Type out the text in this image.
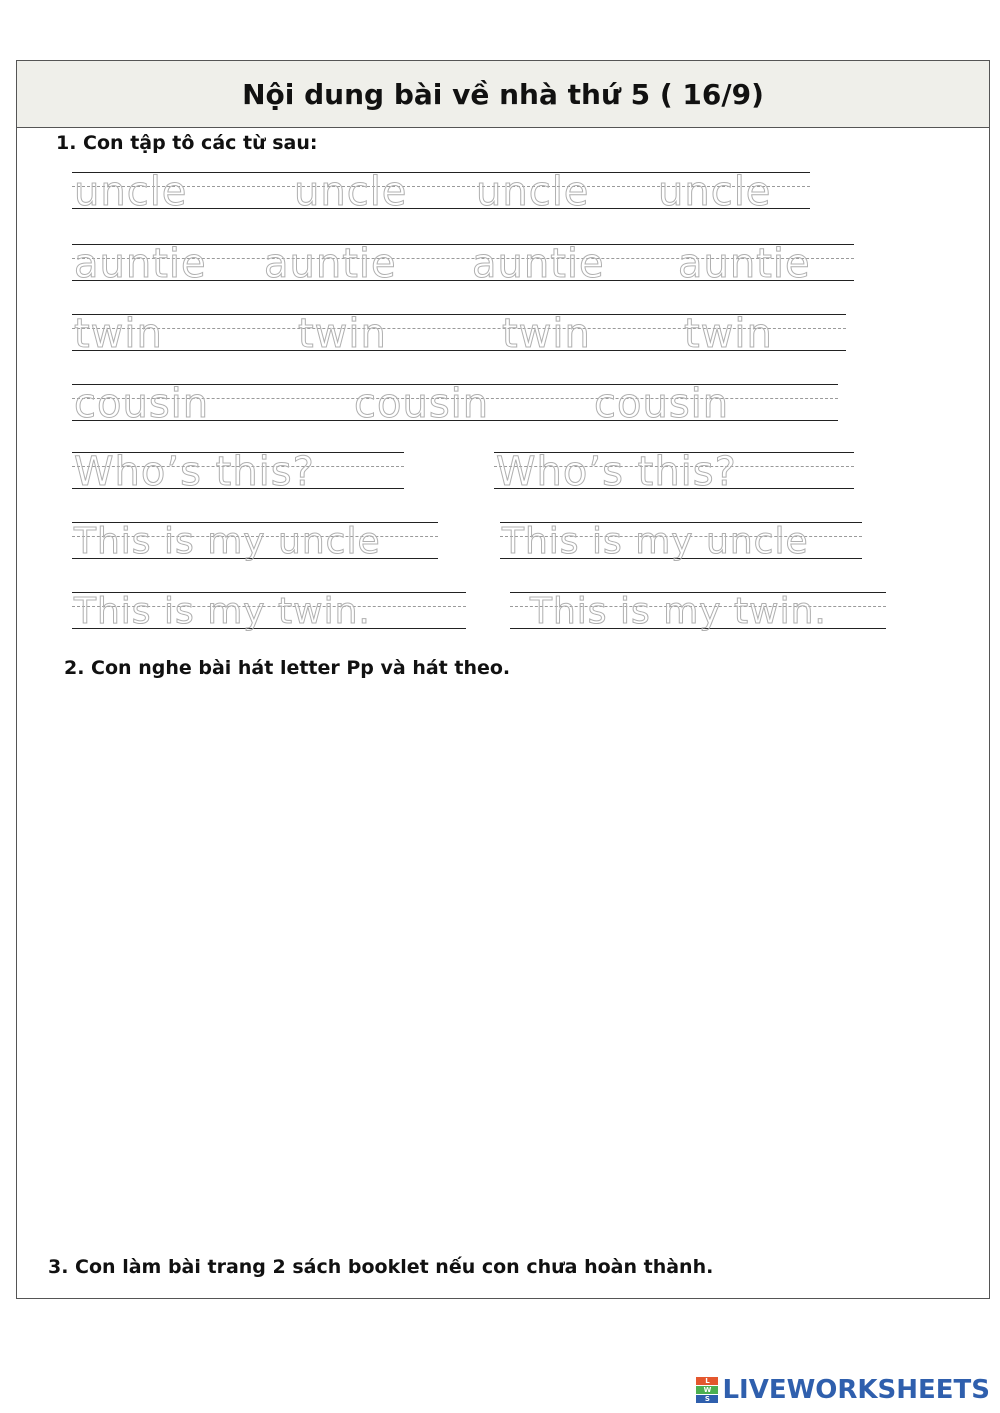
Nội dung bài về nhà thứ 5 ( 16/9)
1. Con tập tô các từ sau:
uncle	uncle uncle uncle
auntie auntie auntie auntie
twin	twin	twin twin
cousin	cousin	cousin
Who’s this?	Who’s this?
This is my uncle	This is my uncle
This is my twin.	This is my twin.
2. Con nghe bài hát letter Pp và hát theo.
3. Con làm bài trang 2 sách booklet nếu con chưa hoàn thành.
L
W
S LIVEWORKSHEETS
